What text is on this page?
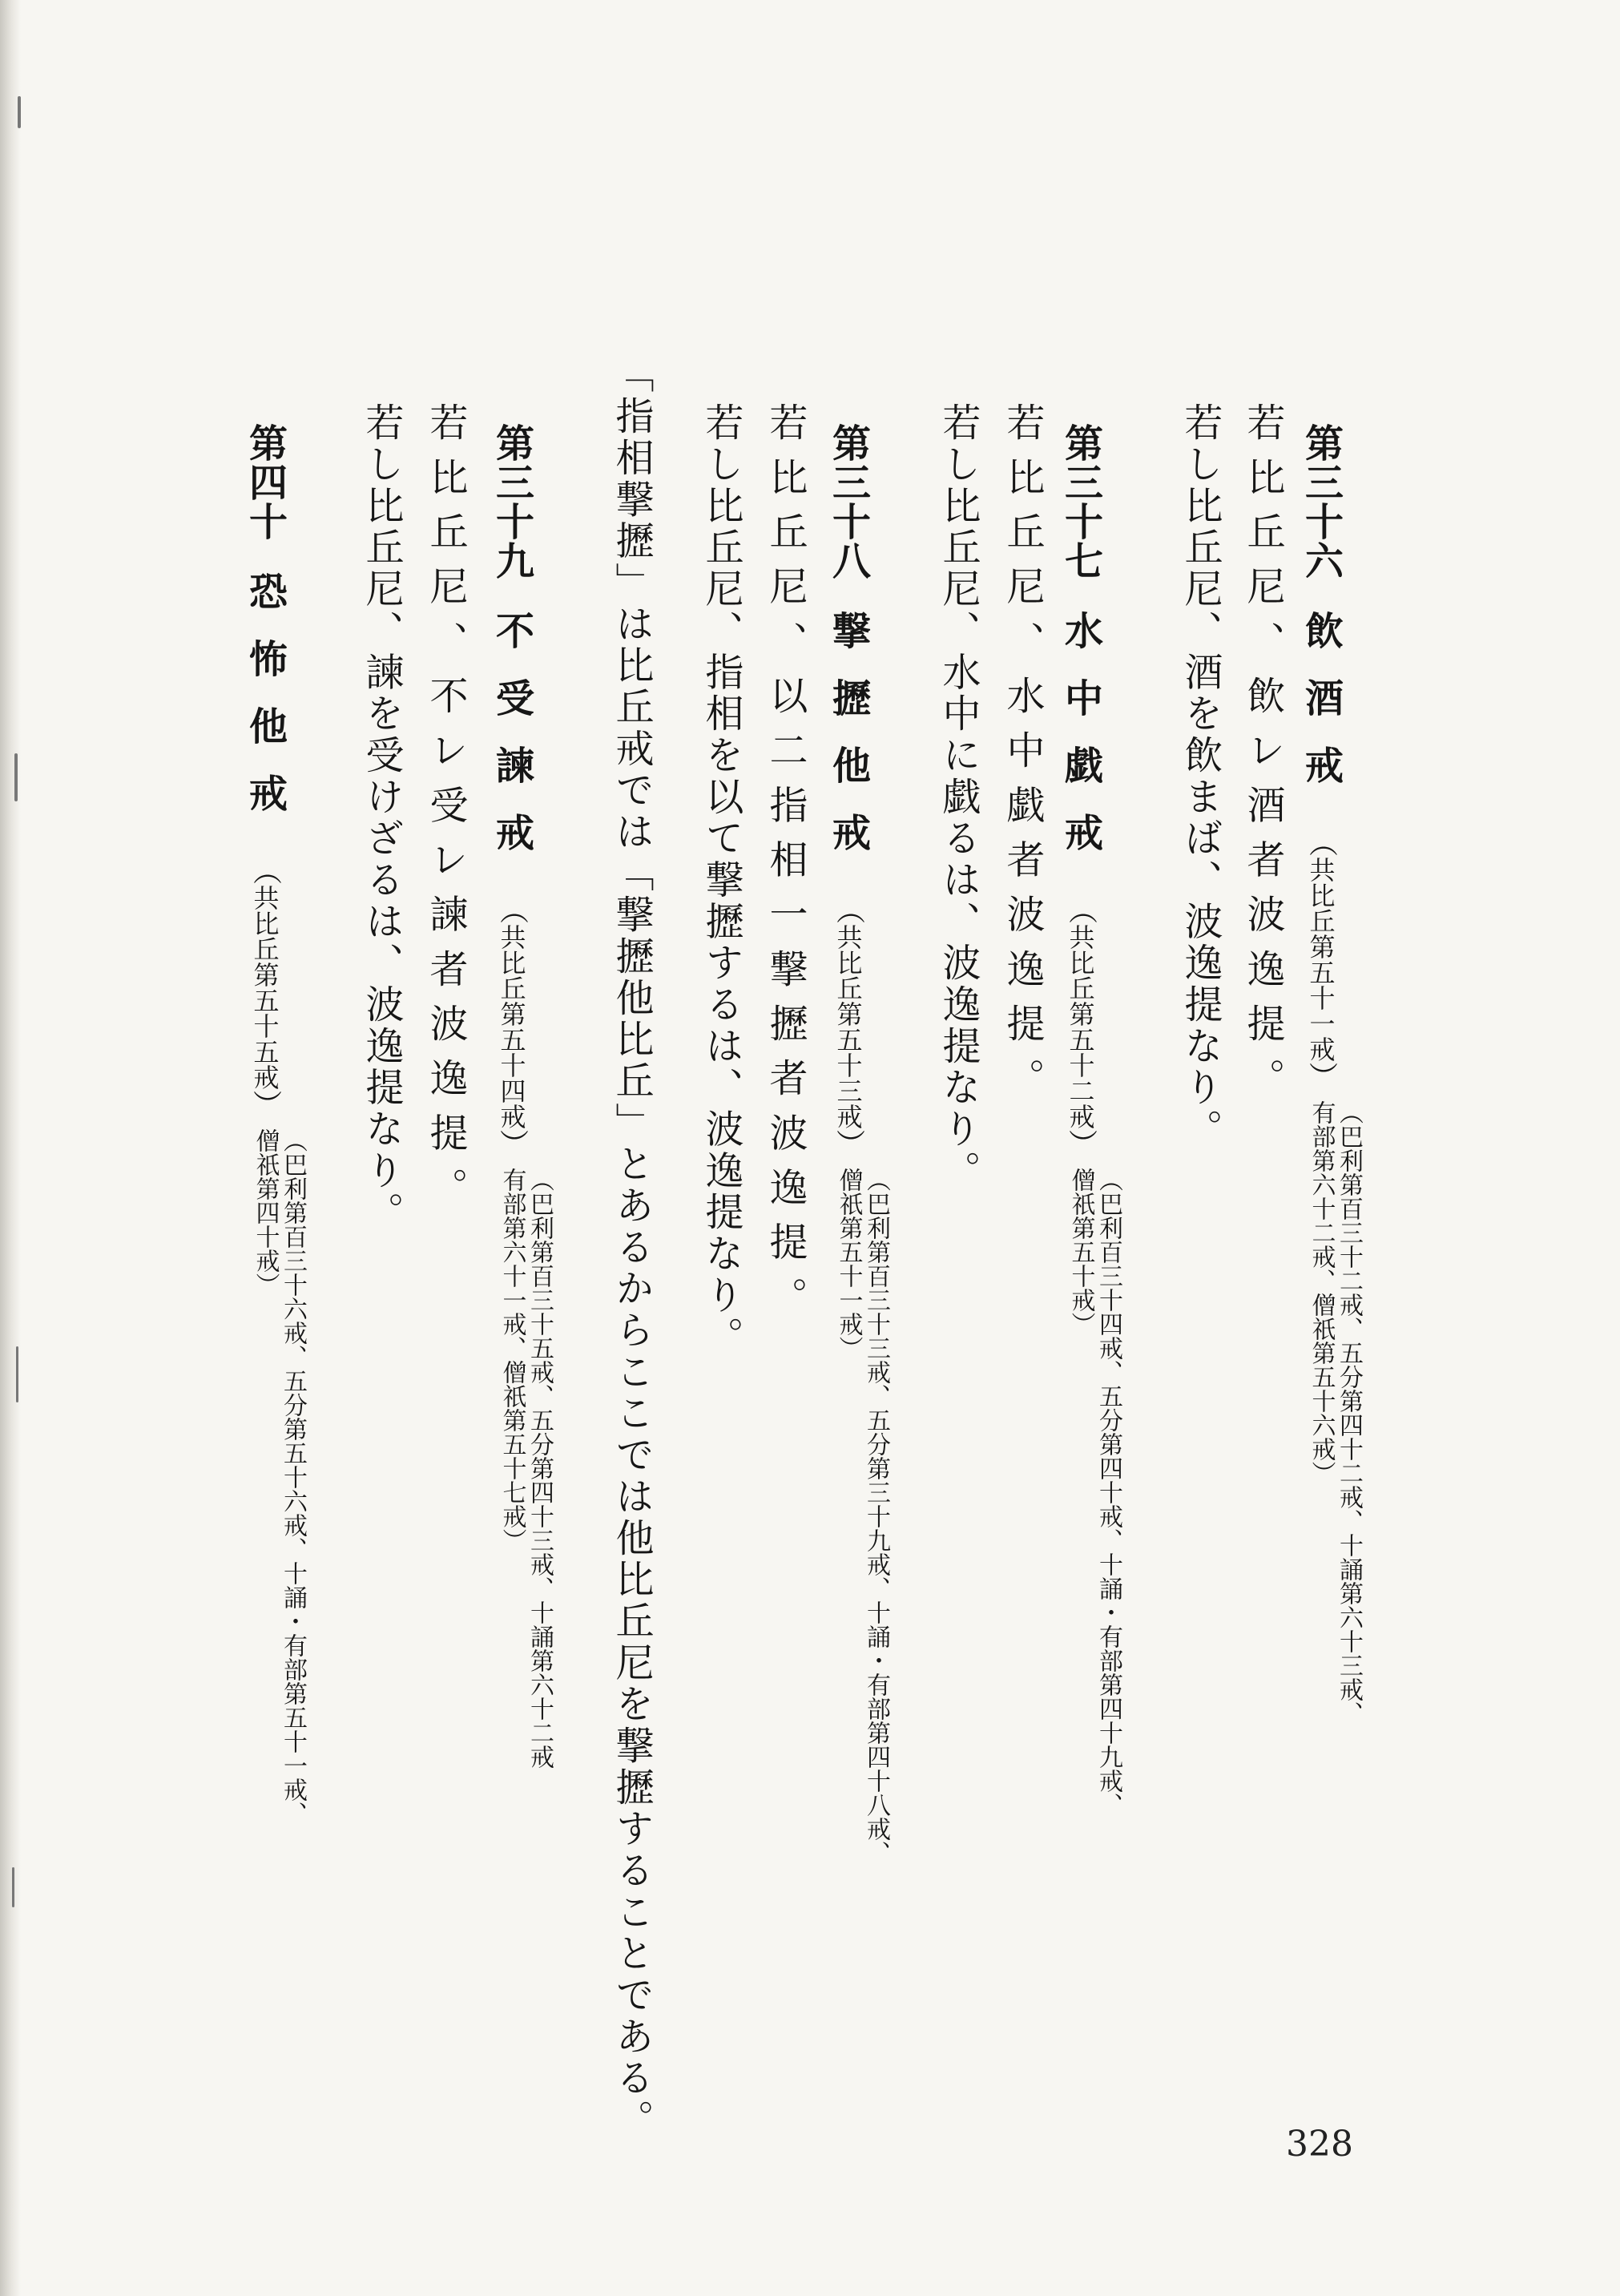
第三十六飲酒戒（共比丘第五十一戒）（巴利第百三十二戒、五分第四十二戒、十誦第六十三戒、
有部第六十二戒、僧祇第五十六戒）
若比丘尼、飲レ酒者波逸提。
若し比丘尼、酒を飲まば、波逸提なり。
第三十七水中戯戒（共比丘第五十二戒）（巴利百三十四戒、五分第四十戒、十誦・有部第四十九戒、
僧祇第五十戒）
若比丘尼、水中戯者波逸提。
若し比丘尼、水中に戯るは、波逸提なり。
第三十八撃攊他戒（共比丘第五十三戒）（巴利第百三十三戒、五分第三十九戒、十誦・有部第四十八戒、
僧祇第五十一戒）
若比丘尼、以二指相一撃攊者波逸提。
若し比丘尼、指相を以て撃攊するは、波逸提なり。
「指相撃攊」は比丘戒では「撃攊他比丘」とあるからここでは他比丘尼を撃攊することである。
第三十九不受諫戒（共比丘第五十四戒）（巴利第百三十五戒、五分第四十三戒、十誦第六十二戒
有部第六十一戒、僧祇第五十七戒）
若比丘尼、不レ受レ諫者波逸提。
若し比丘尼、諫を受けざるは、波逸提なり。
第四十恐怖他戒（共比丘第五十五戒）（巴利第百三十六戒、五分第五十六戒、十誦・有部第五十一戒、
僧祇第四十戒）
328
